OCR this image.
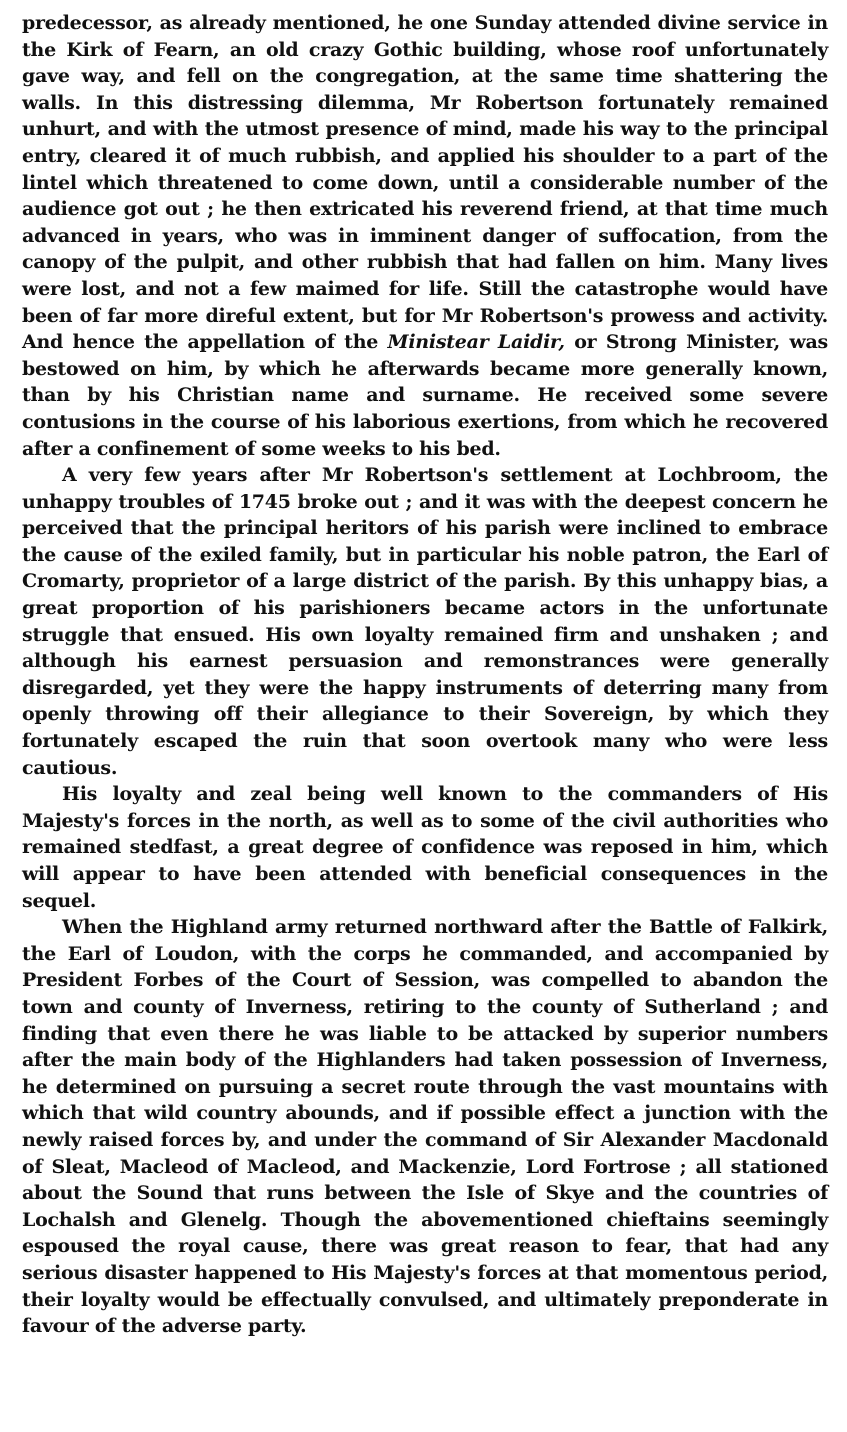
predecessor, as already mentioned, he one Sunday attended divine service in the Kirk of Fearn, an old crazy Gothic building, whose roof unfortunately gave way, and fell on the congregation, at the same time shattering the walls. In this distressing dilemma, Mr Robertson fortunately remained unhurt, and with the utmost presence of mind, made his way to the principal entry, cleared it of much rubbish, and applied his shoulder to a part of the lintel which threatened to come down, until a considerable number of the audience got out ; he then extricated his reverend friend, at that time much advanced in years, who was in imminent danger of suffocation, from the canopy of the pulpit, and other rubbish that had fallen on him. Many lives were lost, and not a few maimed for life. Still the catastrophe would have been of far more direful extent, but for Mr Robertson's prowess and activity. And hence the appellation of the Ministear Laidir, or Strong Minister, was bestowed on him, by which he afterwards became more generally known, than by his Christian name and surname. He received some severe contusions in the course of his laborious exertions, from which he recovered after a confinement of some weeks to his bed.

A very few years after Mr Robertson's settlement at Lochbroom, the unhappy troubles of 1745 broke out ; and it was with the deepest concern he perceived that the principal heritors of his parish were inclined to embrace the cause of the exiled family, but in particular his noble patron, the Earl of Cromarty, proprietor of a large district of the parish. By this unhappy bias, a great proportion of his parishioners became actors in the unfortunate struggle that ensued. His own loyalty remained firm and unshaken ; and although his earnest persuasion and remonstrances were generally disregarded, yet they were the happy instruments of deterring many from openly throwing off their allegiance to their Sovereign, by which they fortunately escaped the ruin that soon overtook many who were less cautious.

His loyalty and zeal being well known to the commanders of His Majesty's forces in the north, as well as to some of the civil authorities who remained stedfast, a great degree of confidence was reposed in him, which will appear to have been attended with beneficial consequences in the sequel.

When the Highland army returned northward after the Battle of Falkirk, the Earl of Loudon, with the corps he commanded, and accompanied by President Forbes of the Court of Session, was compelled to abandon the town and county of Inverness, retiring to the county of Sutherland ; and finding that even there he was liable to be attacked by superior numbers after the main body of the Highlanders had taken possession of Inverness, he determined on pursuing a secret route through the vast mountains with which that wild country abounds, and if possible effect a junction with the newly raised forces by, and under the command of Sir Alexander Macdonald of Sleat, Macleod of Macleod, and Mackenzie, Lord Fortrose ; all stationed about the Sound that runs between the Isle of Skye and the countries of Lochalsh and Glenelg. Though the abovementioned chieftains seemingly espoused the royal cause, there was great reason to fear, that had any serious disaster happened to His Majesty's forces at that momentous period, their loyalty would be effectually convulsed, and ultimately preponderate in favour of the adverse party.
